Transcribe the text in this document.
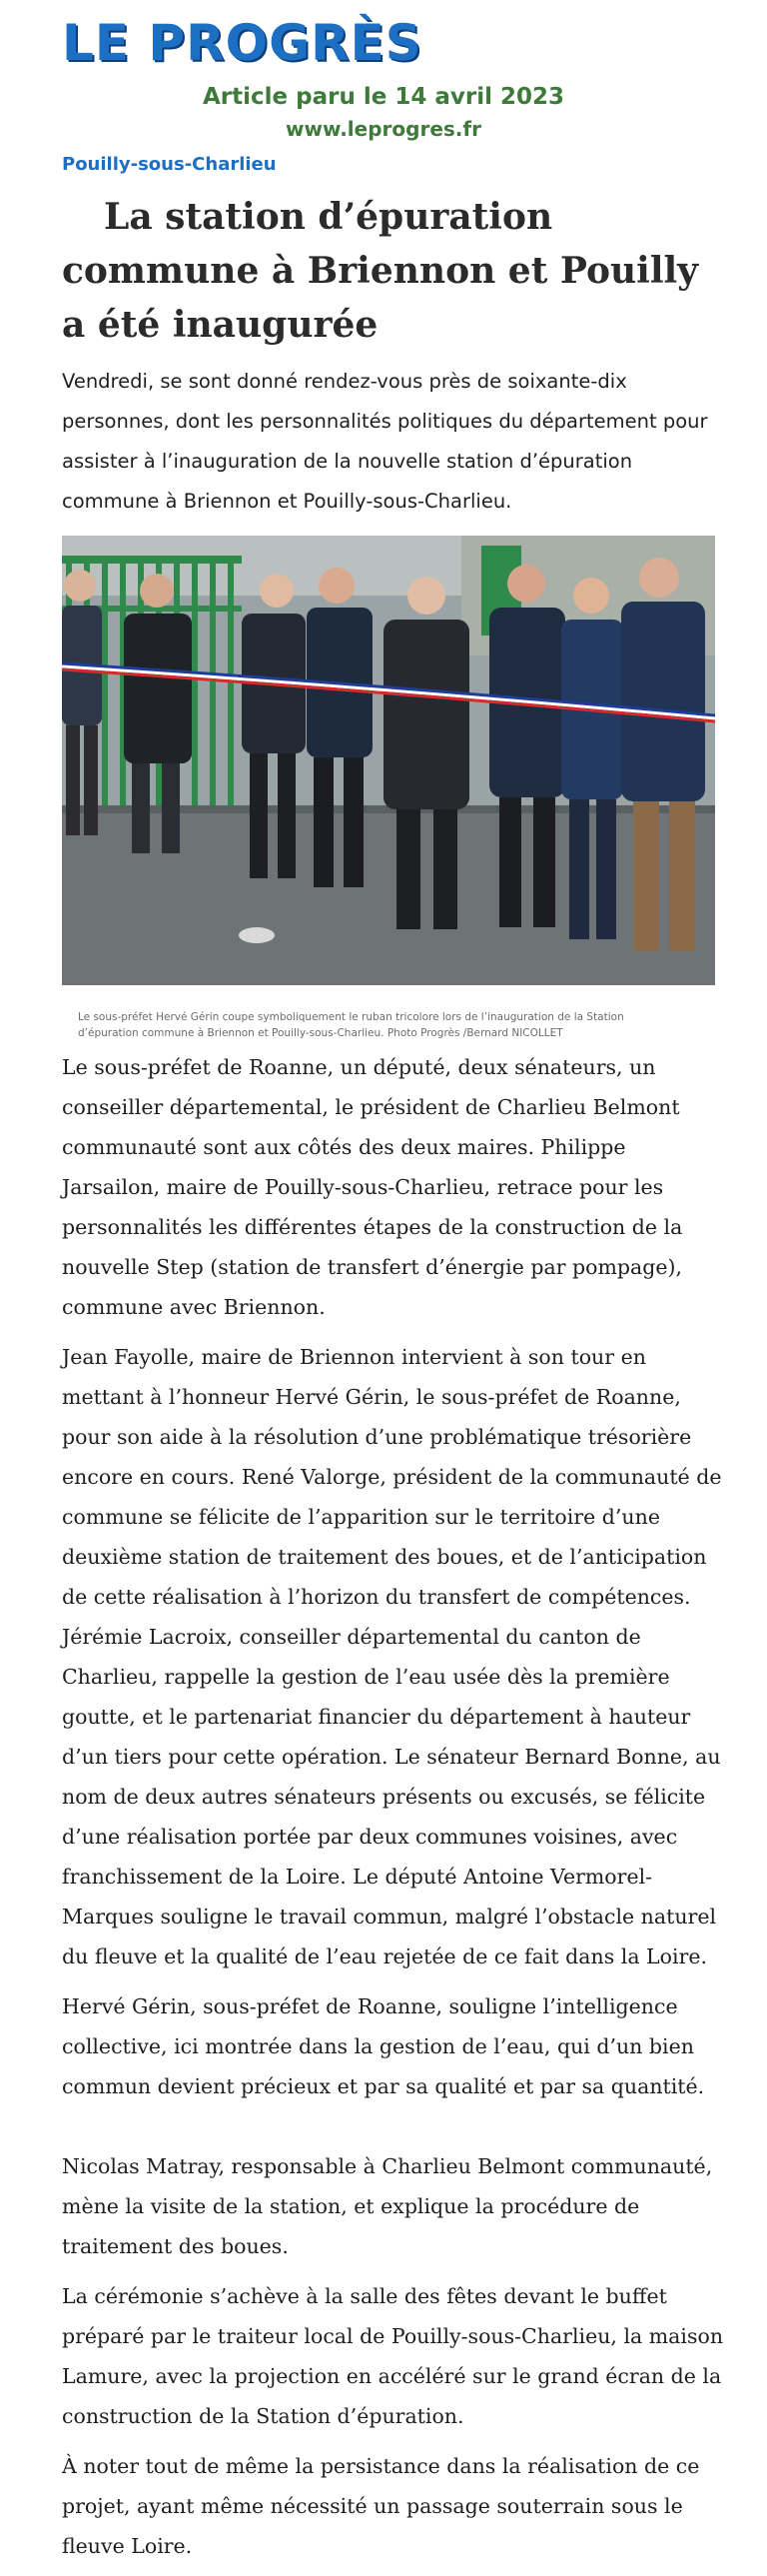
LE PROGRÈS
Article paru le 14 avril 2023
www.leprogres.fr
Pouilly-sous-Charlieu
La station d’épuration commune à Briennon et Pouilly a été inaugurée

Vendredi, se sont donné rendez-vous près de soixante-dix personnes, dont les personnalités politiques du département pour assister à l’inauguration de la nouvelle station d’épuration commune à Briennon et Pouilly-sous-Charlieu.

Le sous-préfet Hervé Gérin coupe symboliquement le ruban tricolore lors de l’inauguration de la Station d’épuration commune à Briennon et Pouilly-sous-Charlieu. Photo Progrès /Bernard NICOLLET

Le sous-préfet de Roanne, un député, deux sénateurs, un conseiller départemental, le président de Charlieu Belmont communauté sont aux côtés des deux maires. Philippe Jarsailon, maire de Pouilly-sous-Charlieu, retrace pour les personnalités les différentes étapes de la construction de la nouvelle Step (station de transfert d’énergie par pompage), commune avec Briennon.

Jean Fayolle, maire de Briennon intervient à son tour en mettant à l’honneur Hervé Gérin, le sous-préfet de Roanne, pour son aide à la résolution d’une problématique trésorière encore en cours. René Valorge, président de la communauté de commune se félicite de l’apparition sur le territoire d’une deuxième station de traitement des boues, et de l’anticipation de cette réalisation à l’horizon du transfert de compétences. Jérémie Lacroix, conseiller départemental du canton de Charlieu, rappelle la gestion de l’eau usée dès la première goutte, et le partenariat financier du département à hauteur d’un tiers pour cette opération. Le sénateur Bernard Bonne, au nom de deux autres sénateurs présents ou excusés, se félicite d’une réalisation portée par deux communes voisines, avec franchissement de la Loire. Le député Antoine Vermorel-Marques souligne le travail commun, malgré l’obstacle naturel du fleuve et la qualité de l’eau rejetée de ce fait dans la Loire.

Hervé Gérin, sous-préfet de Roanne, souligne l’intelligence collective, ici montrée dans la gestion de l’eau, qui d’un bien commun devient précieux et par sa qualité et par sa quantité.

Nicolas Matray, responsable à Charlieu Belmont communauté, mène la visite de la station, et explique la procédure de traitement des boues.

La cérémonie s’achève à la salle des fêtes devant le buffet préparé par le traiteur local de Pouilly-sous-Charlieu, la maison Lamure, avec la projection en accéléré sur le grand écran de la construction de la Station d’épuration.

À noter tout de même la persistance dans la réalisation de ce projet, ayant même nécessité un passage souterrain sous le fleuve Loire.
